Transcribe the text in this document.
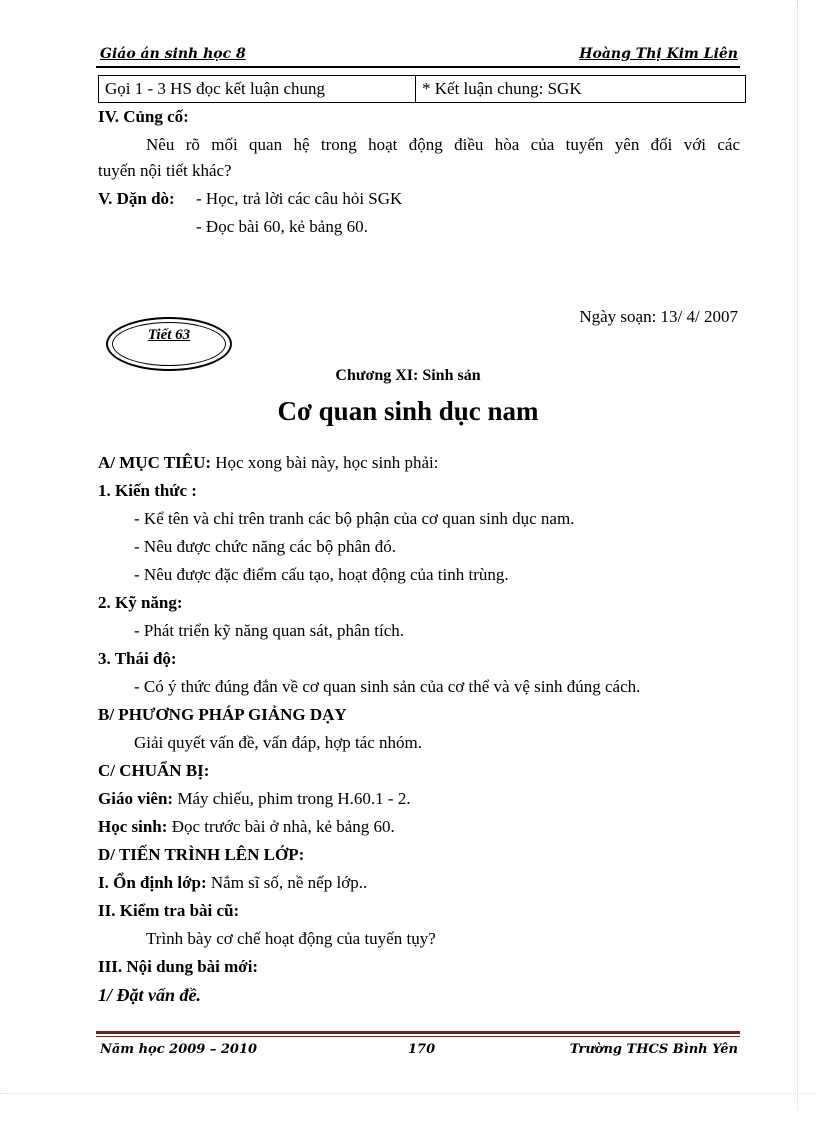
Giáo án sinh học 8	Hoàng Thị Kim Liên
Gọi 1 - 3 HS đọc kết luận chung	* Kết luận chung: SGK
IV. Củng cố:
Nêu rõ mối quan hệ trong hoạt động điều hòa của tuyến yên đối với các
tuyến nội tiết khác?
V. Dặn dò: - Học, trả lời các câu hỏi SGK
- Đọc bài 60, kẻ bảng 60.
Ngày soạn: 13/ 4/ 2007
Tiết 63
Chương XI: Sinh sản
Cơ quan sinh dục nam
A/ MỤC TIÊU: Học xong bài này, học sinh phải:
1. Kiến thức :
- Kể tên và chỉ trên tranh các bộ phận của cơ quan sinh dục nam.
- Nêu được chức năng các bộ phân đó.
- Nêu được đặc điểm cấu tạo, hoạt động của tinh trùng.
2. Kỹ năng:
- Phát triển kỹ năng quan sát, phân tích.
3. Thái độ:
- Có ý thức đúng đắn về cơ quan sinh sản của cơ thể và vệ sinh đúng cách.
B/ PHƯƠNG PHÁP GIẢNG DẠY
Giải quyết vấn đề, vấn đáp, hợp tác nhóm.
C/ CHUẨN BỊ:
Giáo viên: Máy chiếu, phim trong H.60.1 - 2.
Học sinh: Đọc trước bài ở nhà, kẻ bảng 60.
D/ TIẾN TRÌNH LÊN LỚP:
I. Ổn định lớp: Nắm sĩ số, nề nếp lớp..
II. Kiểm tra bài cũ:
Trình bày cơ chế hoạt động của tuyến tụy?
III. Nội dung bài mới:
1/ Đặt vấn đề.
Năm học 2009 – 2010	170	Trường THCS Bình Yên
